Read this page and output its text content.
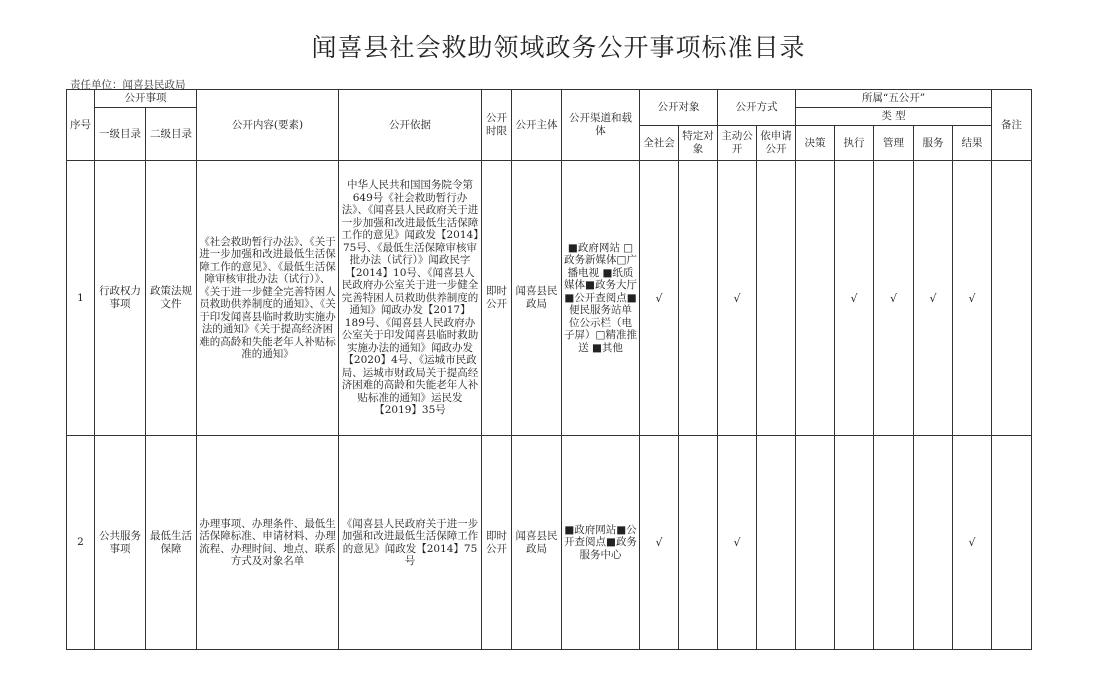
闻喜县社会救助领域政务公开事项标准目录
责任单位：闻喜县民政局
序号	公开事项		公开内容(要素)	公开依据	公开时限	公开主体	公开渠道和载体	公开对象		公开方式		所属“五公开”					备注
	一级目录	二级目录										类 型					
								全社会	特定对象	主动公开	依申请公开	决策	执行	管理	服务	结果	
1	行政权力事项	政策法规文件	《社会救助暂行办法》、《关于进一步加强和改进最低生活保障工作的意见》、《最低生活保障审核审批办法（试行）》、《关于进一步健全完善特困人员救助供养制度的通知》、《关于印发闻喜县临时救助实施办法的通知》《关于提高经济困难的高龄和失能老年人补贴标准的通知》	中华人民共和国国务院令第649号《社会救助暂行办法》、《闻喜县人民政府关于进一步加强和改进最低生活保障工作的意见》闻政发【2014】75号、《最低生活保障审核审批办法（试行）》闻政民字【2014】10号、《闻喜县人民政府办公室关于进一步健全完善特困人员救助供养制度的通知》闻政办发【2017】189号、《闻喜县人民政府办公室关于印发闻喜县临时救助实施办法的通知》闻政办发【2020】4号、《运城市民政局、运城市财政局关于提高经济困难的高龄和失能老年人补贴标准的通知》运民发【2019】35号	即时公开	闻喜县民政局	■政府网站 □政务新媒体□广播电视 ■纸质媒体■政务大厅 ■公开查阅点■便民服务站单位公示栏（电子屏）□精准推送 ■其他	√		√			√	√	√	√	
2	公共服务事项	最低生活保障	办理事项、办理条件、最低生活保障标准、申请材料、办理流程、办理时间、地点、联系方式及对象名单	《闻喜县人民政府关于进一步加强和改进最低生活保障工作的意见》闻政发【2014】75号	即时公开	闻喜县民政局	■政府网站■公开查阅点■政务服务中心	√		√						√	
